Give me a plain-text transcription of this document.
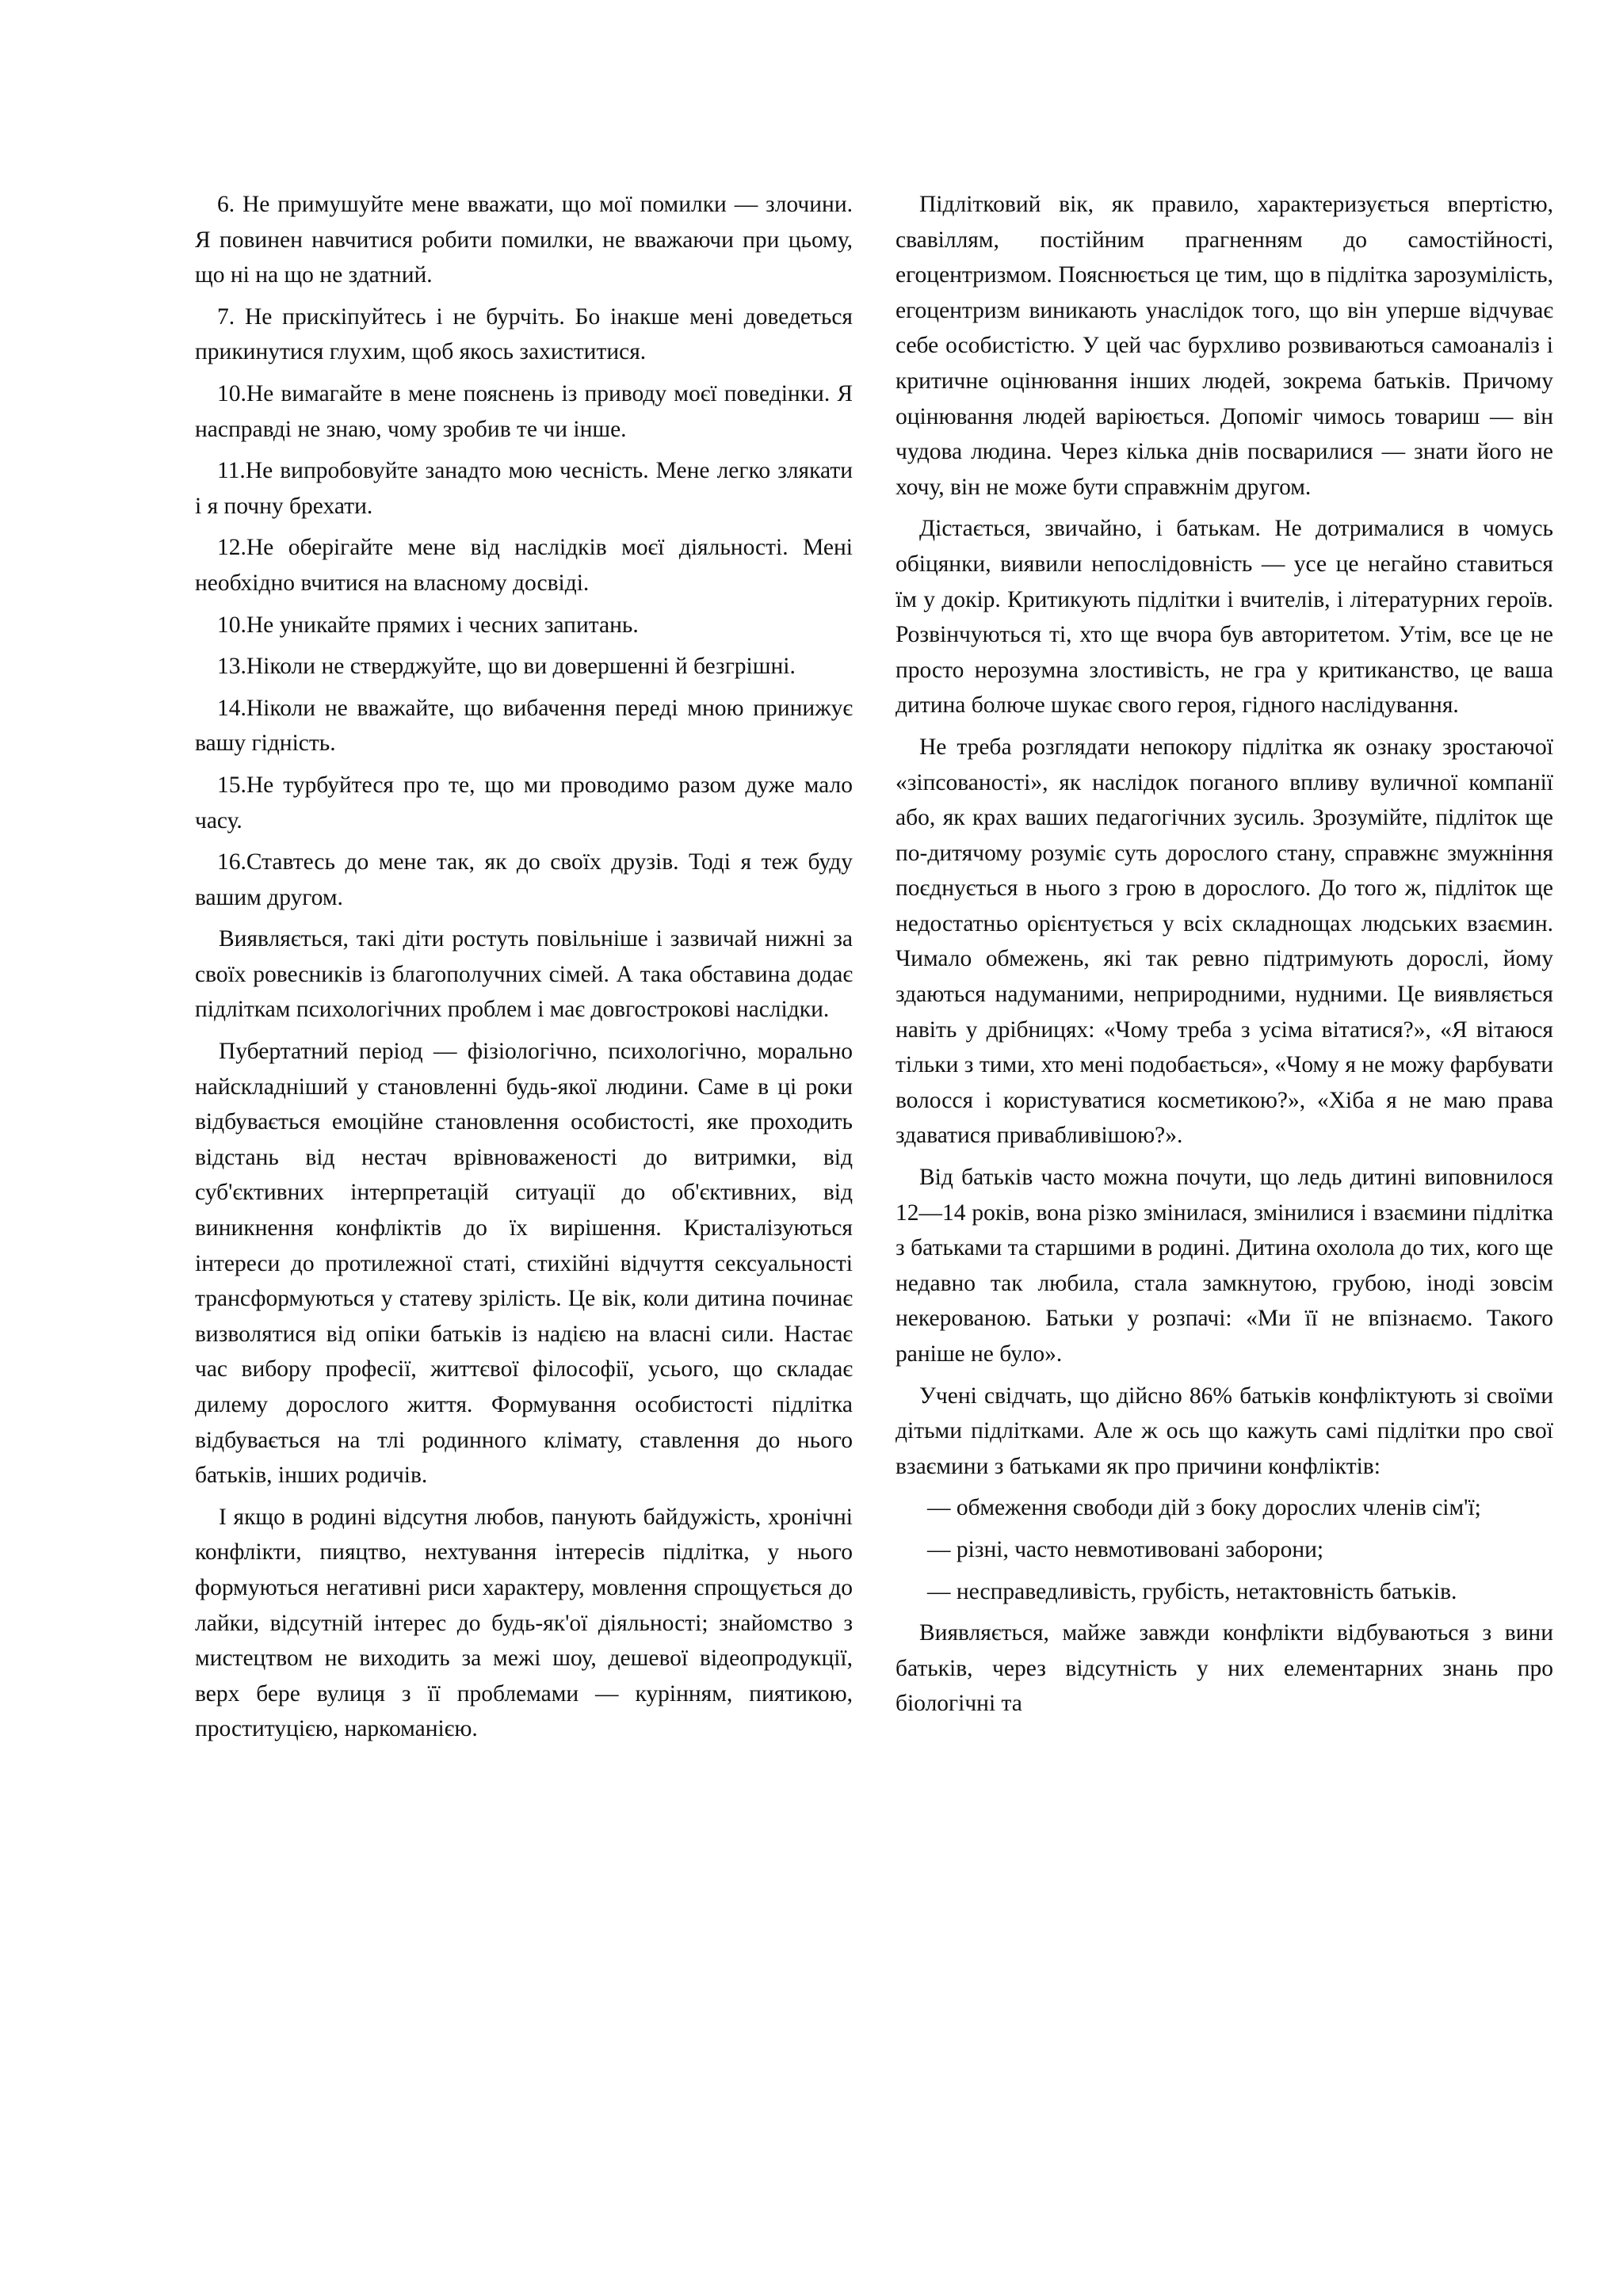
6. Не примушуйте мене вважати, що мої помилки — злочини. Я повинен навчитися робити помилки, не вважаючи при цьому, що ні на що не здатний.

7. Не прискіпуйтесь і не бурчіть. Бо інакше мені доведеться прикинутися глухим, щоб якось захиститися.

10.Не вимагайте в мене пояснень із приводу моєї поведінки. Я насправді не знаю, чому зробив те чи інше.

11.Не випробовуйте занадто мою чесність. Мене легко злякати і я почну брехати.

12.Не оберігайте мене від наслідків моєї діяльності. Мені необхідно вчитися на власному досвіді.

10.Не уникайте прямих і чесних запитань.

13.Ніколи не стверджуйте, що ви довершенні й безгрішні.

14.Ніколи не вважайте, що вибачення переді мною принижує вашу гідність.

15.Не турбуйтеся про те, що ми проводимо разом дуже мало часу.

16.Ставтесь до мене так, як до своїх друзів. Тоді я теж буду вашим другом.

Виявляється, такі діти ростуть повільніше і зазвичай нижні за своїх ровесників із благополучних сімей. А така обставина додає підліткам психологічних проблем і має довгострокові наслідки.

Пубертатний період — фізіологічно, психологічно, морально найскладніший у становленні будь-якої людини. Саме в ці роки відбувається емоційне становлення особистості, яке проходить відстань від нестач врівноваженості до витримки, від суб'єктивних інтерпретацій ситуації до об'єктивних, від виникнення конфліктів до їх вирішення. Кристалізуються інтереси до протилежної статі, стихійні відчуття сексуальності трансформуються у статеву зрілість. Це вік, коли дитина починає визволятися від опіки батьків із надією на власні сили. Настає час вибору професії, життєвої філософії, усього, що складає дилему дорослого життя. Формування особистості підлітка відбувається на тлі родинного клімату, ставлення до нього батьків, інших родичів.

І якщо в родині відсутня любов, панують байдужість, хронічні конфлікти, пияцтво, нехтування інтересів підлітка, у нього формуються негативні риси характеру, мовлення спрощується до лайки, відсутній інтерес до будь-як'ої діяльності; знайомство з мистецтвом не виходить за межі шоу, дешевої відеопродукції, верх бере вулиця з її проблемами — курінням, пиятикою, проституцією, наркоманією.

Підлітковий вік, як правило, характеризується впертістю, свавіллям, постійним прагненням до самостійності, егоцентризмом. Пояснюється це тим, що в підлітка зарозумілість, егоцентризм виникають унаслідок того, що він уперше відчуває себе особистістю. У цей час бурхливо розвиваються самоаналіз і критичне оцінювання інших людей, зокрема батьків. Причому оцінювання людей варіюється. Допоміг чимось товариш — він чудова людина. Через кілька днів посварилися — знати його не хочу, він не може бути справжнім другом.

Дістається, звичайно, і батькам. Не дотрималися в чомусь обіцянки, виявили непослідовність — усе це негайно ставиться їм у докір. Критикують підлітки і вчителів, і літературних героїв. Розвінчуються ті, хто ще вчора був авторитетом. Утім, все це не просто нерозумна злостивість, не гра у критиканство, це ваша дитина болюче шукає свого героя, гідного наслідування.

Не треба розглядати непокору підлітка як ознаку зростаючої «зіпсованості», як наслідок поганого впливу вуличної компанії або, як крах ваших педагогічних зусиль. Зрозумійте, підліток ще по-дитячому розуміє суть дорослого стану, справжнє змужніння поєднується в нього з грою в дорослого. До того ж, підліток ще недостатньо орієнтується у всіх складнощах людських взаємин. Чимало обмежень, які так ревно підтримують дорослі, йому здаються надуманими, неприродними, нудними. Це виявляється навіть у дрібницях: «Чому треба з усіма вітатися?», «Я вітаюся тільки з тими, хто мені подобається», «Чому я не можу фарбувати волосся і користуватися косметикою?», «Хіба я не маю права здаватися привабливішою?».

Від батьків часто можна почути, що ледь дитині виповнилося 12—14 років, вона різко змінилася, змінилися і взаємини підлітка з батьками та старшими в родині. Дитина охолола до тих, кого ще недавно так любила, стала замкнутою, грубою, іноді зовсім некерованою. Батьки у розпачі: «Ми її не впізнаємо. Такого раніше не було».

Учені свідчать, що дійсно 86% батьків конфліктують зі своїми дітьми підлітками. Але ж ось що кажуть самі підлітки про свої взаємини з батьками як про причини конфліктів:

— обмеження свободи дій з боку дорослих членів сім'ї;

— різні, часто невмотивовані заборони;

— несправедливість, грубість, нетактовність батьків.

Виявляється, майже завжди конфлікти відбуваються з вини батьків, через відсутність у них елементарних знань про біологічні та
